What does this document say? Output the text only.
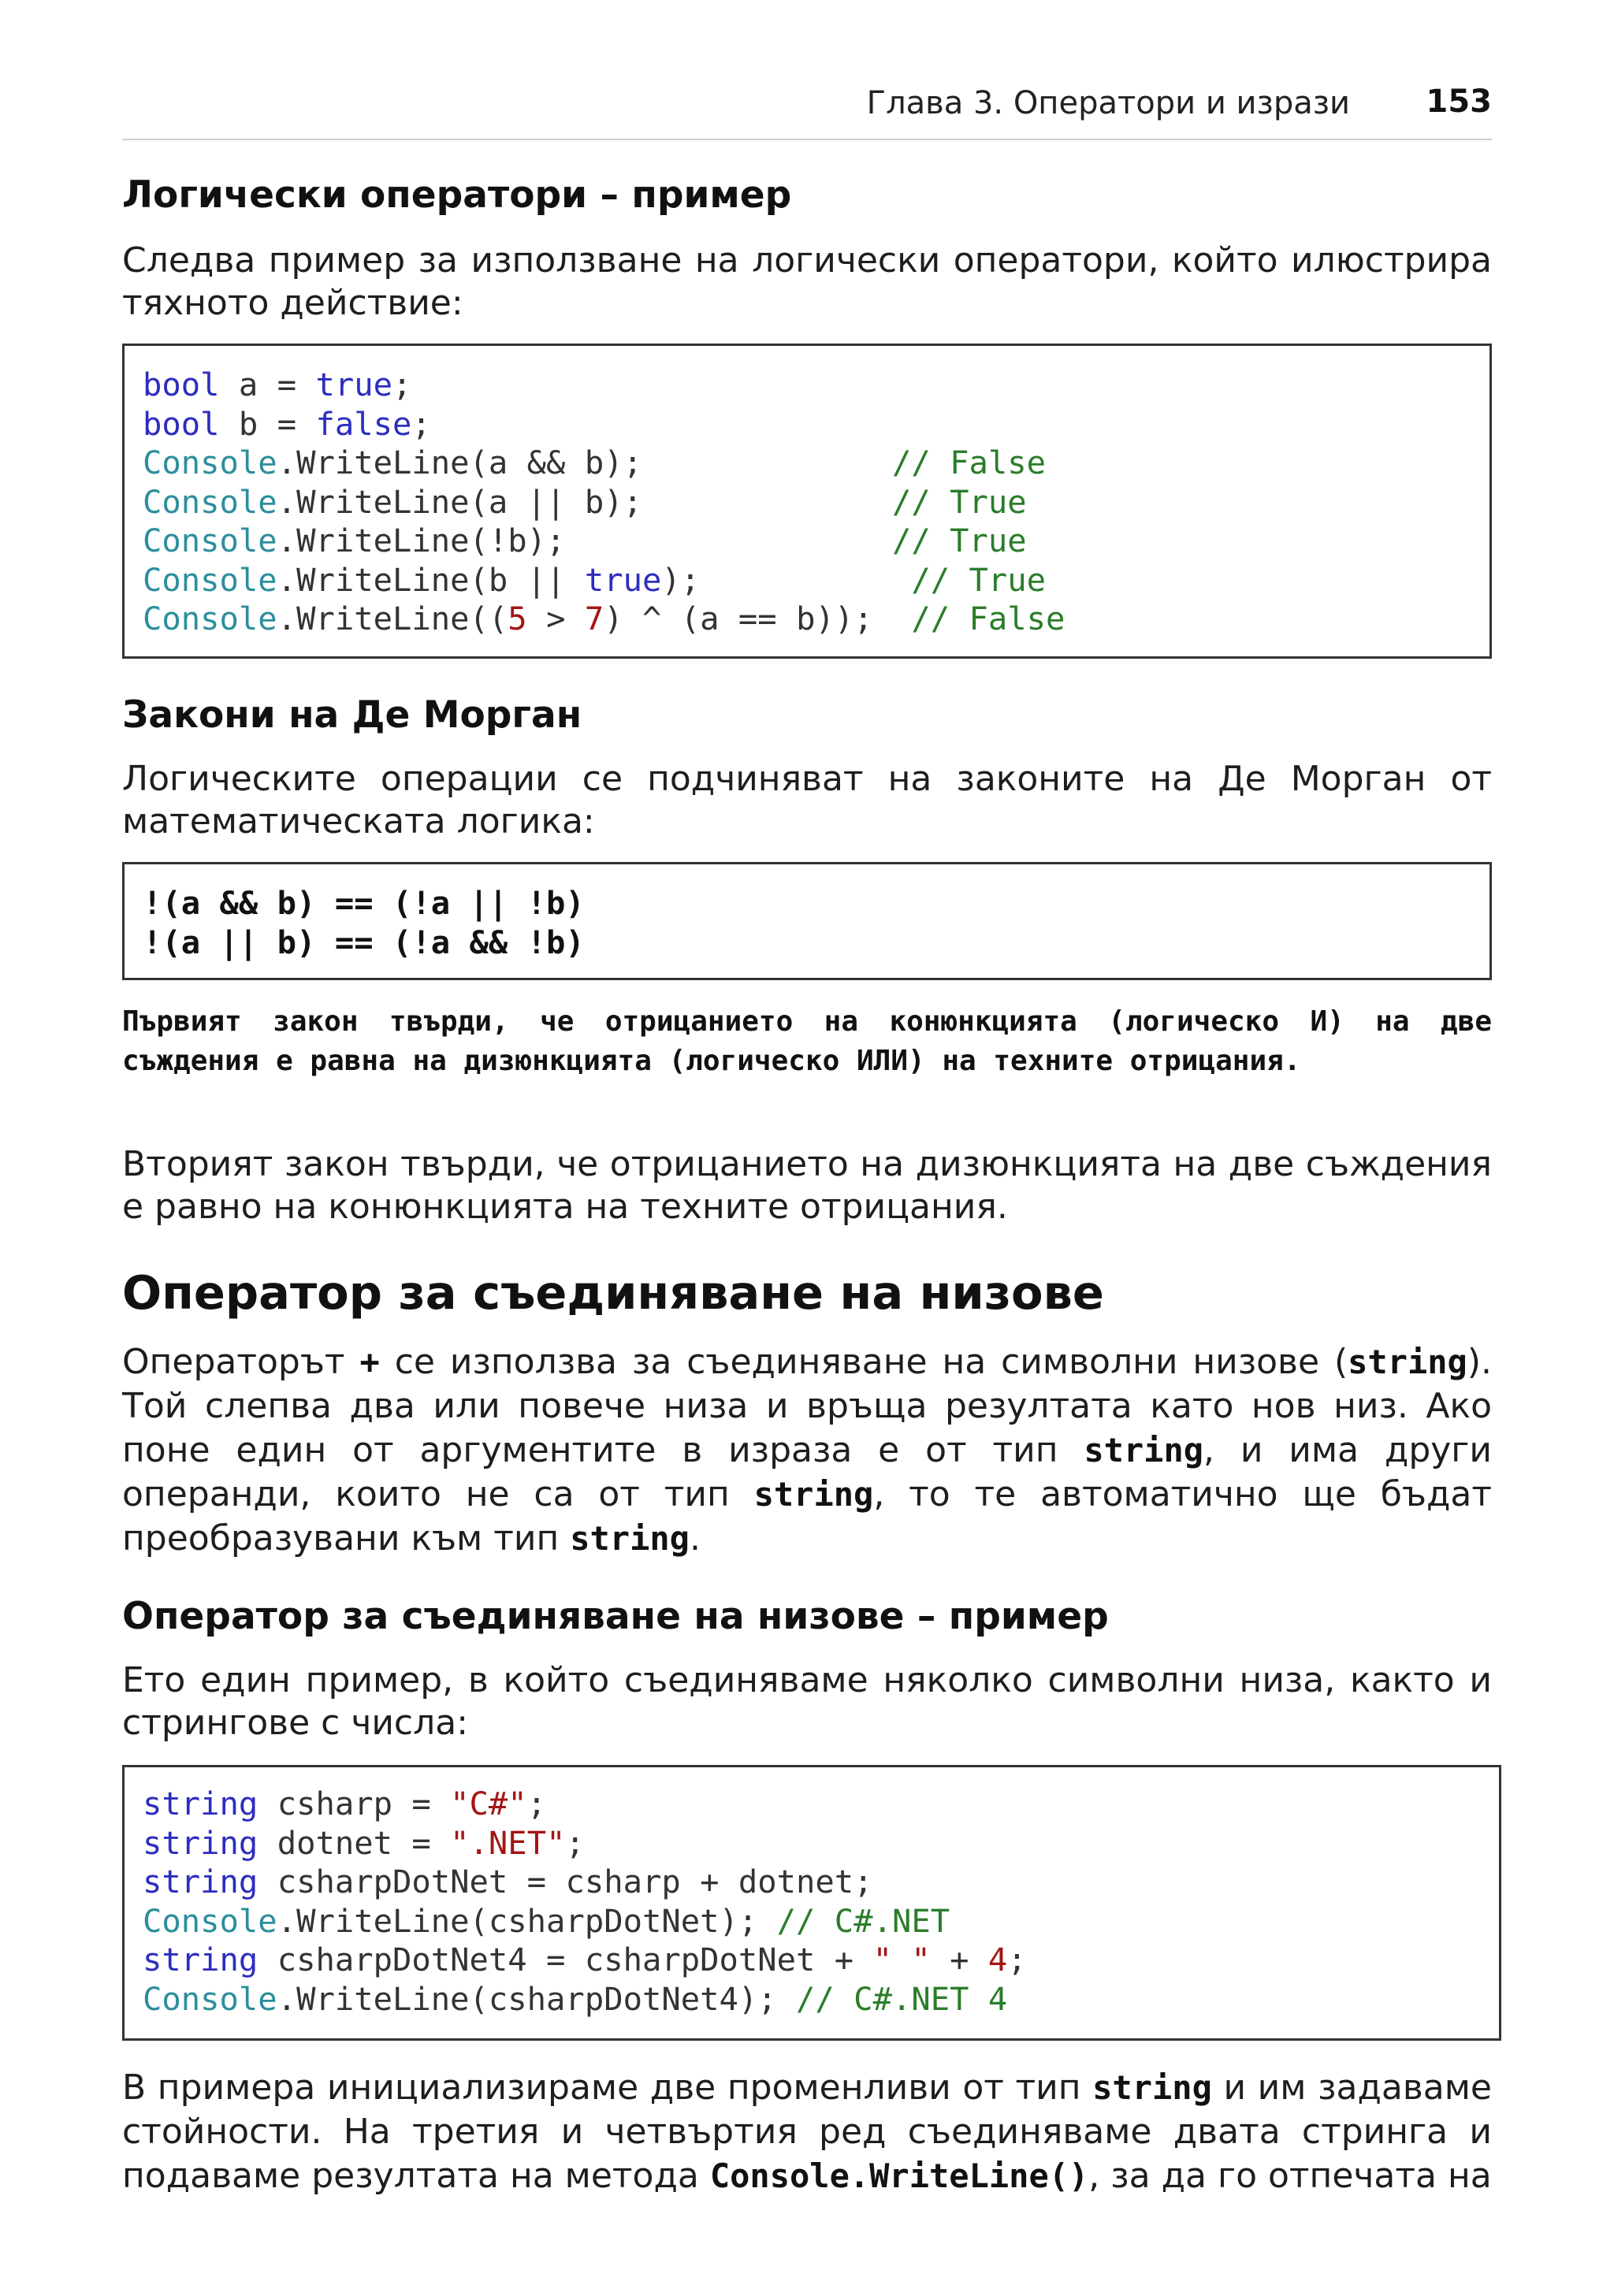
Глава 3. Оператори и изрази 153
Логически оператори – пример

Следва пример за използване на логически оператори, който илюстрира тяхното действие:

bool a = true;
bool b = false;
Console.WriteLine(a && b);             // False
Console.WriteLine(a || b);             // True
Console.WriteLine(!b);                 // True
Console.WriteLine(b || true);           // True
Console.WriteLine((5 > 7) ^ (a == b));  // False
Закони на Де Морган

Логическите операции се подчиняват на законите на Де Морган от математическата логика:

!(a && b) == (!a || !b)
!(a || b) == (!a && !b)

Първият закон твърди, че отрицанието на конюнкцията (логическо И) на две съждения е равна на дизюнкцията (логическо ИЛИ) на техните отрицания.

Вторият закон твърди, че отрицанието на дизюнкцията на две съждения е равно на конюнкцията на техните отрицания.

Оператор за съединяване на низове

Операторът + се използва за съединяване на символни низове (string). Той слепва два или повече низа и връща резултата като нов низ. Ако поне един от аргументите в израза е от тип string, и има други операнди, които не са от тип string, то те автоматично ще бъдат преобразувани към тип string.

Оператор за съединяване на низове – пример

Ето един пример, в който съединяваме няколко символни низа, както и стрингове с числа:

string csharp = "C#";
string dotnet = ".NET";
string csharpDotNet = csharp + dotnet;
Console.WriteLine(csharpDotNet); // C#.NET
string csharpDotNet4 = csharpDotNet + " " + 4;
Console.WriteLine(csharpDotNet4); // C#.NET 4

В примера инициализираме две променливи от тип string и им задаваме стойности. На третия и четвъртия ред съединяваме двата стринга и подаваме резултата на метода Console.WriteLine(), за да го отпечата на
